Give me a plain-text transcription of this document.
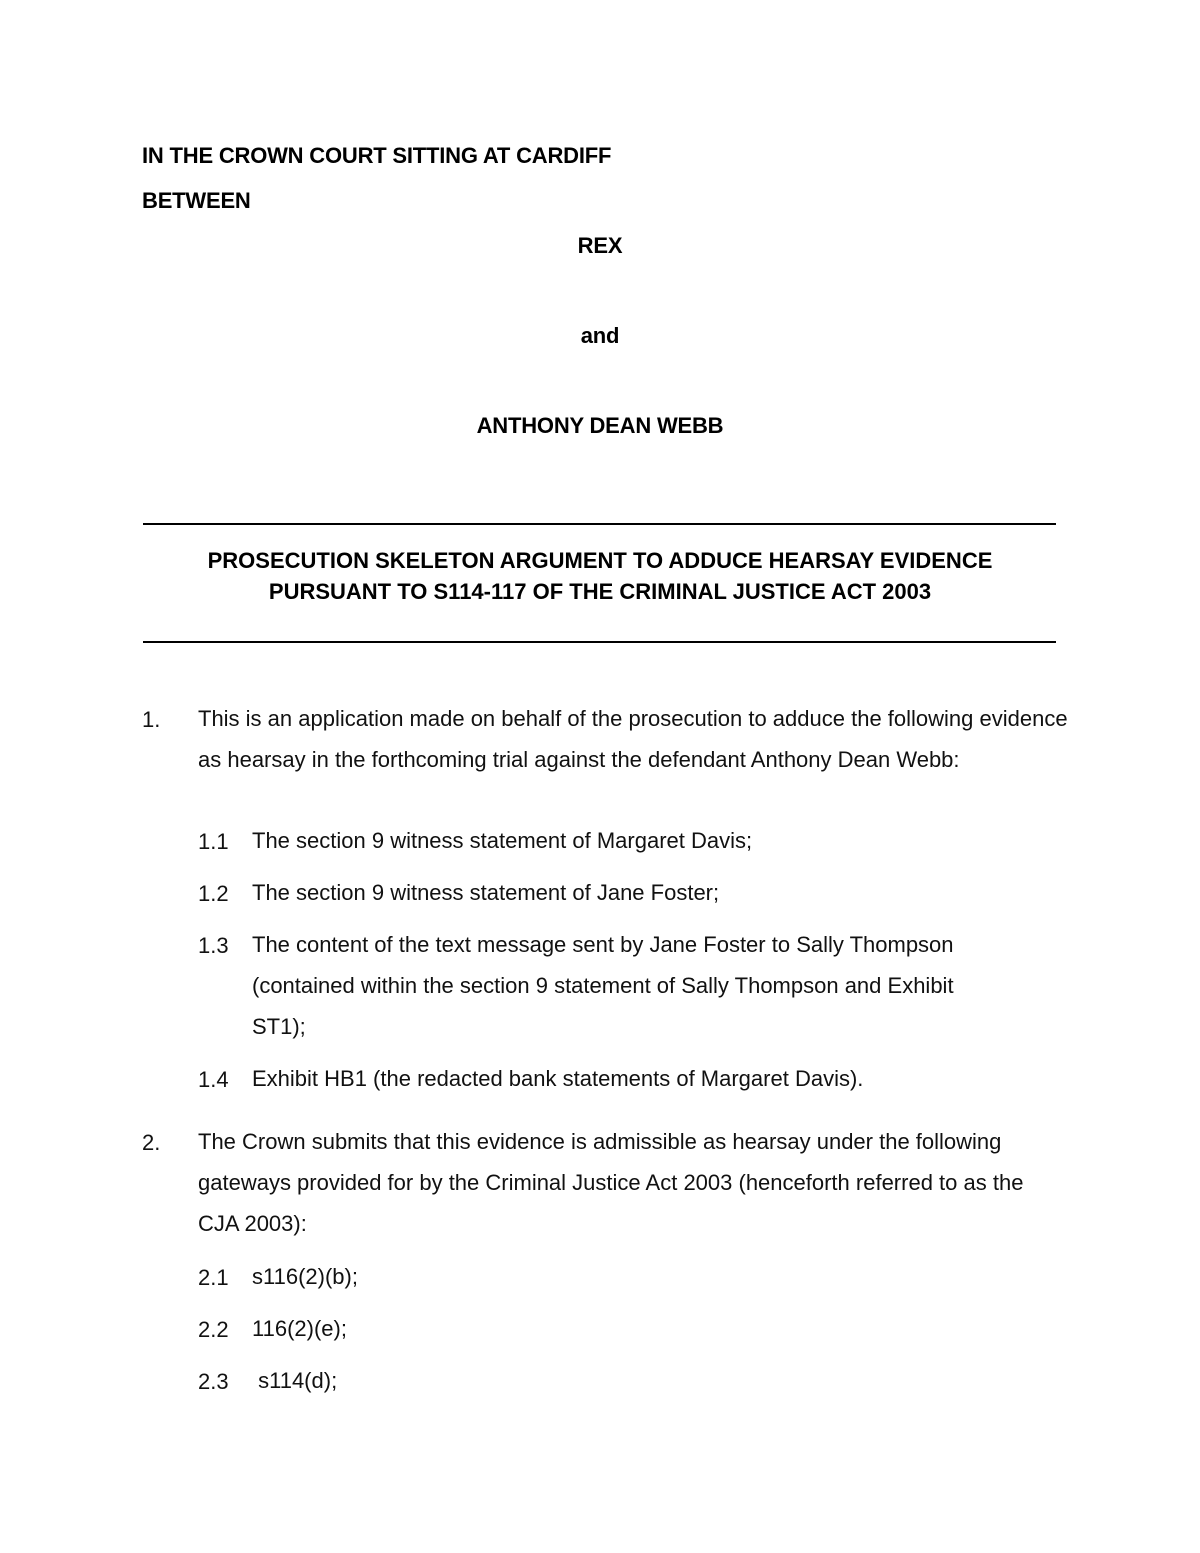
IN THE CROWN COURT SITTING AT CARDIFF
BETWEEN
REX
and
ANTHONY DEAN WEBB
PROSECUTION SKELETON ARGUMENT TO ADDUCE HEARSAY EVIDENCE
PURSUANT TO S114-117 OF THE CRIMINAL JUSTICE ACT 2003
1. This is an application made on behalf of the prosecution to adduce the following evidence as hearsay in the forthcoming trial against the defendant Anthony Dean Webb:
1.1 The section 9 witness statement of Margaret Davis;
1.2 The section 9 witness statement of Jane Foster;
1.3 The content of the text message sent by Jane Foster to Sally Thompson (contained within the section 9 statement of Sally Thompson and Exhibit ST1);
1.4 Exhibit HB1 (the redacted bank statements of Margaret Davis).
2. The Crown submits that this evidence is admissible as hearsay under the following gateways provided for by the Criminal Justice Act 2003 (henceforth referred to as the CJA 2003):
2.1 s116(2)(b);
2.2 116(2)(e);
2.3 s114(d);
